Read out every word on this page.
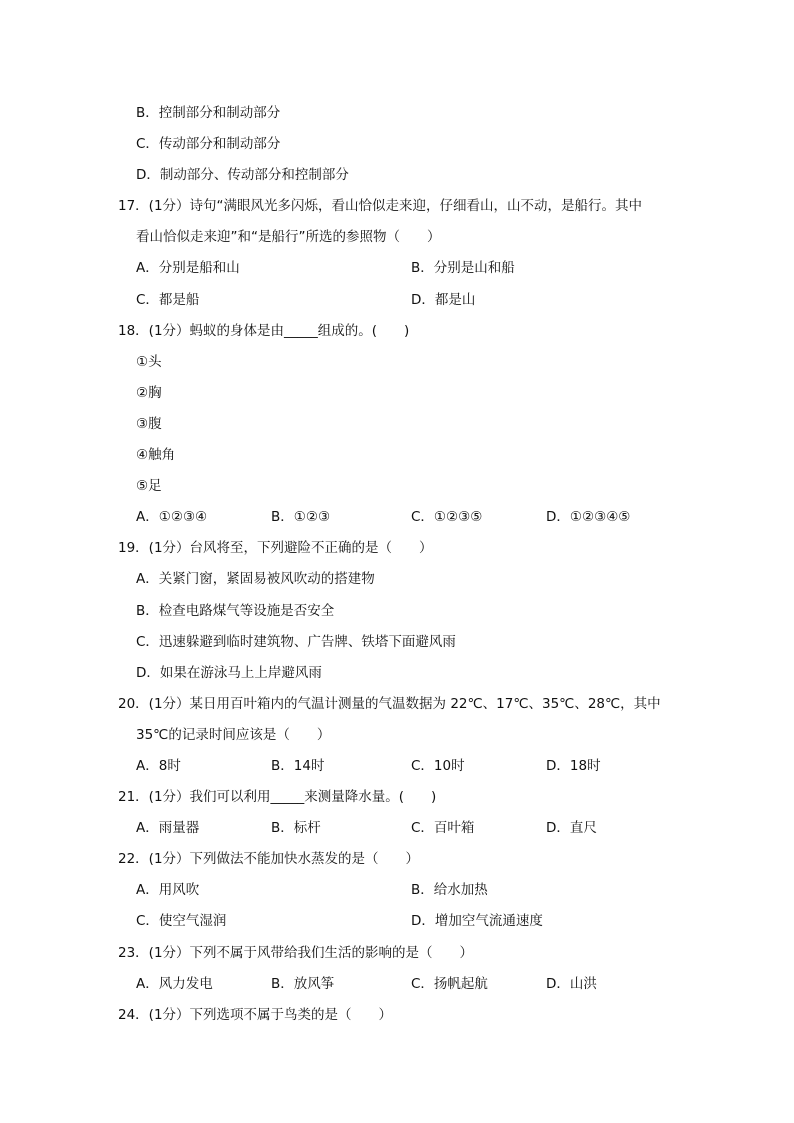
B．控制部分和制动部分
C．传动部分和制动部分
D．制动部分、传动部分和控制部分
17．(1分）诗句“满眼风光多闪烁，看山恰似走来迎，仔细看山，山不动，是船行。其中
看山恰似走来迎”和“是船行”所选的参照物（　　）
A．分别是船和山	B．分别是山和船
C．都是船	D．都是山
18．(1分）蚂蚁的身体是由_____组成的。(　　)
①头
②胸
③腹
④触角
⑤足
A．①②③④	B．①②③	C．①②③⑤	D．①②③④⑤
19．(1分）台风将至，下列避险不正确的是（　　）
A．关紧门窗，紧固易被风吹动的搭建物
B．检查电路煤气等设施是否安全
C．迅速躲避到临时建筑物、广告牌、铁塔下面避风雨
D．如果在游泳马上上岸避风雨
20．(1分）某日用百叶箱内的气温计测量的气温数据为 22℃、17℃、35℃、28℃，其中
35℃的记录时间应该是（　　）
A．8时	B．14时	C．10时	D．18时
21．(1分）我们可以利用_____来测量降水量。(　　)
A．雨量器	B．标杆	C．百叶箱	D．直尺
22．(1分）下列做法不能加快水蒸发的是（　　）
A．用风吹	B．给水加热
C．使空气湿润	D．增加空气流通速度
23．(1分）下列不属于风带给我们生活的影响的是（　　）
A．风力发电	B．放风筝	C．扬帆起航	D．山洪
24．(1分）下列选项不属于鸟类的是（　　）
